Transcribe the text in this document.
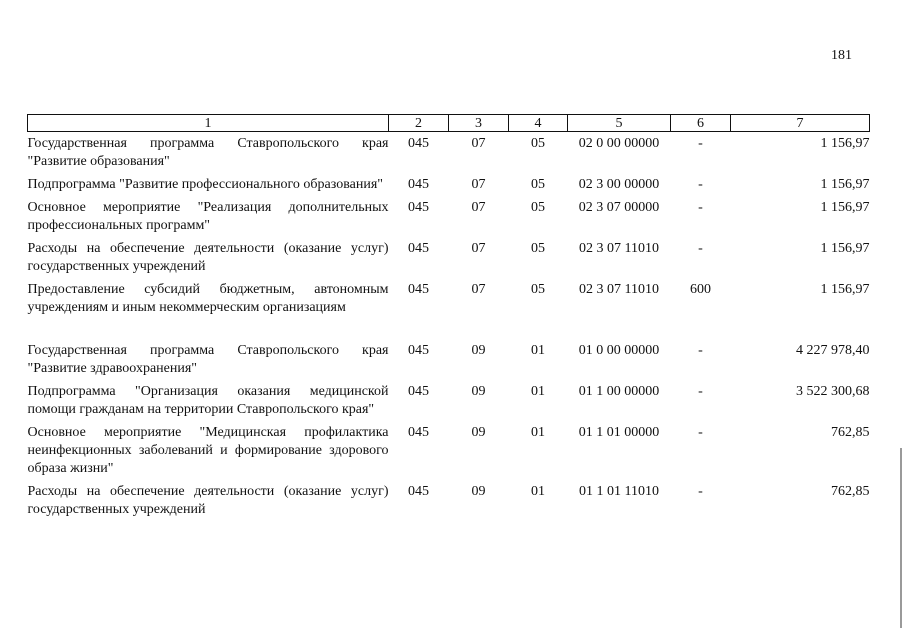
181
1	2	3	4	5	6	7
Государственная программа Ставропольского края "Развитие образования"	045	07	05	02 0 00 00000	-	1 156,97
Подпрограмма "Развитие профессионального образования"	045	07	05	02 3 00 00000	-	1 156,97
Основное мероприятие "Реализация дополнительных профессиональных программ"	045	07	05	02 3 07 00000	-	1 156,97
Расходы на обеспечение деятельности (оказание услуг) государственных учреждений	045	07	05	02 3 07 11010	-	1 156,97
Предоставление субсидий бюджетным, автономным учреждениям и иным некоммерческим организациям	045	07	05	02 3 07 11010	600	1 156,97
Государственная программа Ставропольского края "Развитие здравоохранения"	045	09	01	01 0 00 00000	-	4 227 978,40
Подпрограмма "Организация оказания медицинской помощи гражданам на территории Ставропольского края"	045	09	01	01 1 00 00000	-	3 522 300,68
Основное мероприятие "Медицинская профилактика неинфекционных заболеваний и формирование здорового образа жизни"	045	09	01	01 1 01 00000	-	762,85
Расходы на обеспечение деятельности (оказание услуг) государственных учреждений	045	09	01	01 1 01 11010	-	762,85
